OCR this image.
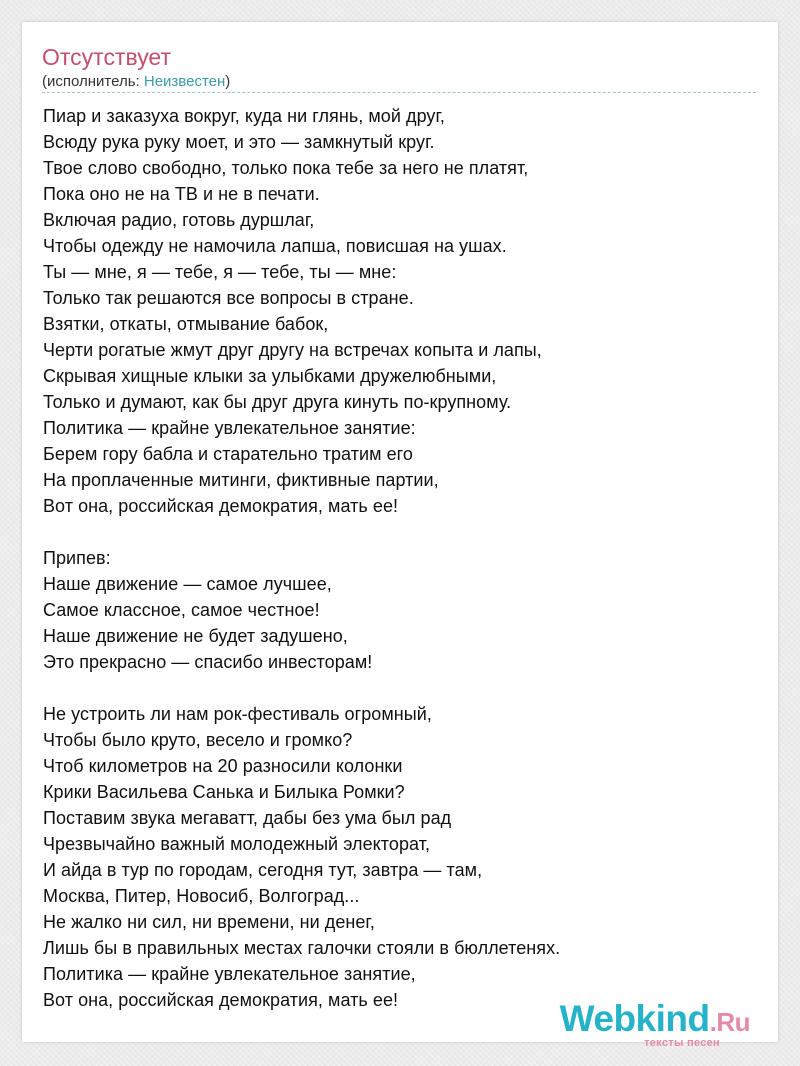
Отсутствует
(исполнитель: Неизвестен)
Пиар и заказуха вокруг, куда ни глянь, мой друг,
Всюду рука руку моет, и это — замкнутый круг.
Твое слово свободно, только пока тебе за него не платят,
Пока оно не на ТВ и не в печати.
Включая радио, готовь дуршлаг,
Чтобы одежду не намочила лапша, повисшая на ушах.
Ты — мне, я — тебе, я — тебе, ты — мне:
Только так решаются все вопросы в стране.
Взятки, откаты, отмывание бабок,
Черти рогатые жмут друг другу на встречах копыта и лапы,
Скрывая хищные клыки за улыбками дружелюбными,
Только и думают, как бы друг друга кинуть по-крупному.
Политика — крайне увлекательное занятие:
Берем гору бабла и старательно тратим его
На проплаченные митинги, фиктивные партии,
Вот она, российская демократия, мать ее!
Припев:
Наше движение — самое лучшее,
Самое классное, самое честное!
Наше движение не будет задушено,
Это прекрасно — спасибо инвесторам!
Не устроить ли нам рок-фестиваль огромный,
Чтобы было круто, весело и громко?
Чтоб километров на 20 разносили колонки
Крики Васильева Санька и Билыка Ромки?
Поставим звука мегаватт, дабы без ума был рад
Чрезвычайно важный молодежный электорат,
И айда в тур по городам, сегодня тут, завтра — там,
Москва, Питер, Новосиб, Волгоград...
Не жалко ни сил, ни времени, ни денег,
Лишь бы в правильных местах галочки стояли в бюллетенях.
Политика — крайне увлекательное занятие,
Вот она, российская демократия, мать ее!	Webkind.Ru
тексты песен
